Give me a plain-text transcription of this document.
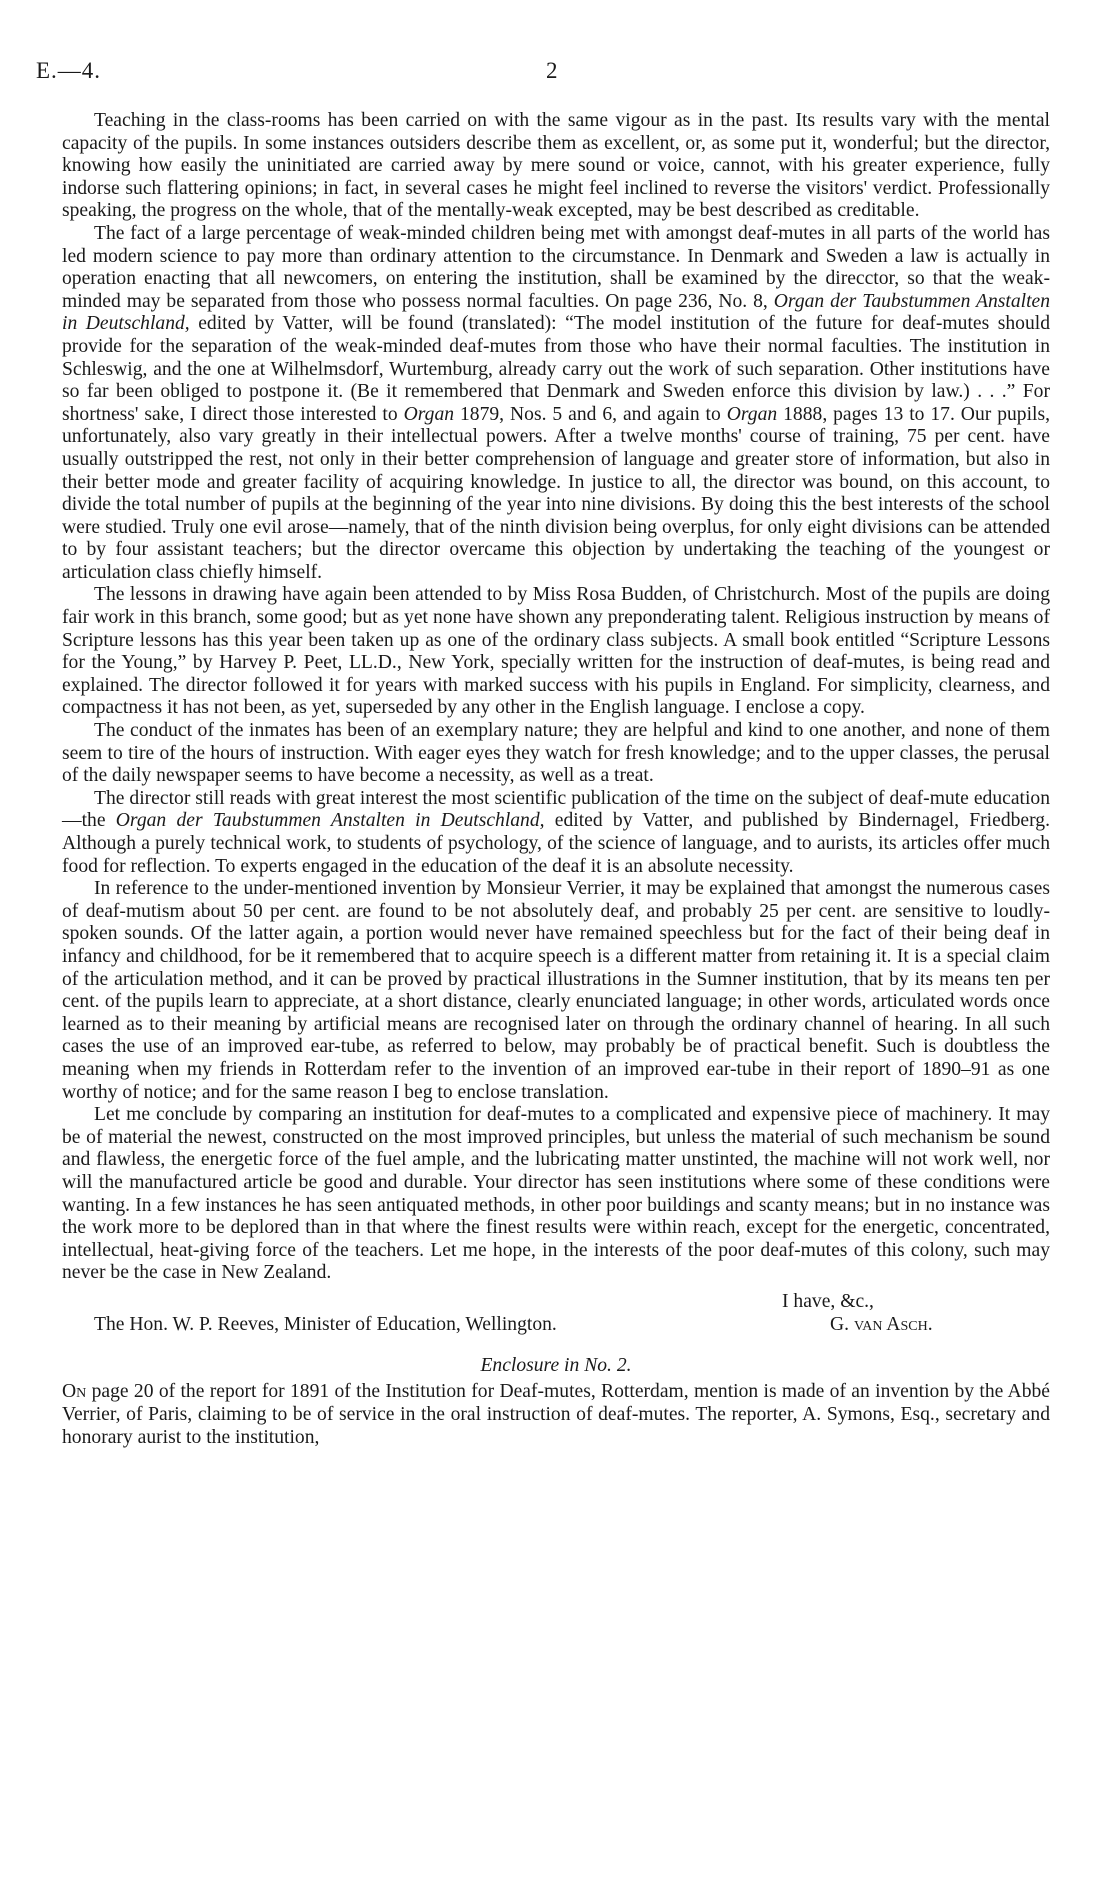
E.—4.	2

Teaching in the class-rooms has been carried on with the same vigour as in the past. Its results vary with the mental capacity of the pupils. In some instances outsiders describe them as excellent, or, as some put it, wonderful; but the director, knowing how easily the uninitiated are carried away by mere sound or voice, cannot, with his greater experience, fully indorse such flattering opinions; in fact, in several cases he might feel inclined to reverse the visitors' verdict. Professionally speaking, the progress on the whole, that of the mentally-weak excepted, may be best described as creditable.

The fact of a large percentage of weak-minded children being met with amongst deaf-mutes in all parts of the world has led modern science to pay more than ordinary attention to the circumstance. In Denmark and Sweden a law is actually in operation enacting that all newcomers, on entering the institution, shall be examined by the direcctor, so that the weak-minded may be separated from those who possess normal faculties. On page 236, No. 8, Organ der Taubstummen Anstalten in Deutschland, edited by Vatter, will be found (translated): “The model institution of the future for deaf-mutes should provide for the separation of the weak-minded deaf-mutes from those who have their normal faculties. The institution in Schleswig, and the one at Wilhelmsdorf, Wurtemburg, already carry out the work of such separation. Other institutions have so far been obliged to postpone it. (Be it remembered that Denmark and Sweden enforce this division by law.) . . .” For shortness' sake, I direct those interested to Organ 1879, Nos. 5 and 6, and again to Organ 1888, pages 13 to 17. Our pupils, unfortunately, also vary greatly in their intellectual powers. After a twelve months' course of training, 75 per cent. have usually outstripped the rest, not only in their better comprehension of language and greater store of information, but also in their better mode and greater facility of acquiring knowledge. In justice to all, the director was bound, on this account, to divide the total number of pupils at the beginning of the year into nine divisions. By doing this the best interests of the school were studied. Truly one evil arose—namely, that of the ninth division being overplus, for only eight divisions can be attended to by four assistant teachers; but the director overcame this objection by undertaking the teaching of the youngest or articulation class chiefly himself.

The lessons in drawing have again been attended to by Miss Rosa Budden, of Christchurch. Most of the pupils are doing fair work in this branch, some good; but as yet none have shown any preponderating talent. Religious instruction by means of Scripture lessons has this year been taken up as one of the ordinary class subjects. A small book entitled “Scripture Lessons for the Young,” by Harvey P. Peet, LL.D., New York, specially written for the instruction of deaf-mutes, is being read and explained. The director followed it for years with marked success with his pupils in England. For simplicity, clearness, and compactness it has not been, as yet, superseded by any other in the English language. I enclose a copy.

The conduct of the inmates has been of an exemplary nature; they are helpful and kind to one another, and none of them seem to tire of the hours of instruction. With eager eyes they watch for fresh knowledge; and to the upper classes, the perusal of the daily newspaper seems to have become a necessity, as well as a treat.

The director still reads with great interest the most scientific publication of the time on the subject of deaf-mute education—the Organ der Taubstummen Anstalten in Deutschland, edited by Vatter, and published by Bindernagel, Friedberg. Although a purely technical work, to students of psychology, of the science of language, and to aurists, its articles offer much food for reflection. To experts engaged in the education of the deaf it is an absolute necessity.

In reference to the under-mentioned invention by Monsieur Verrier, it may be explained that amongst the numerous cases of deaf-mutism about 50 per cent. are found to be not absolutely deaf, and probably 25 per cent. are sensitive to loudly-spoken sounds. Of the latter again, a portion would never have remained speechless but for the fact of their being deaf in infancy and childhood, for be it remembered that to acquire speech is a different matter from retaining it. It is a special claim of the articulation method, and it can be proved by practical illustrations in the Sumner institution, that by its means ten per cent. of the pupils learn to appreciate, at a short distance, clearly enunciated language; in other words, articulated words once learned as to their meaning by artificial means are recognised later on through the ordinary channel of hearing. In all such cases the use of an improved ear-tube, as referred to below, may probably be of practical benefit. Such is doubtless the meaning when my friends in Rotterdam refer to the invention of an improved ear-tube in their report of 1890–91 as one worthy of notice; and for the same reason I beg to enclose translation.

Let me conclude by comparing an institution for deaf-mutes to a complicated and expensive piece of machinery. It may be of material the newest, constructed on the most improved principles, but unless the material of such mechanism be sound and flawless, the energetic force of the fuel ample, and the lubricating matter unstinted, the machine will not work well, nor will the manufactured article be good and durable. Your director has seen institutions where some of these conditions were wanting. In a few instances he has seen antiquated methods, in other poor buildings and scanty means; but in no instance was the work more to be deplored than in that where the finest results were within reach, except for the energetic, concentrated, intellectual, heat-giving force of the teachers. Let me hope, in the interests of the poor deaf-mutes of this colony, such may never be the case in New Zealand.

I have, &c.,
The Hon. W. P. Reeves, Minister of Education, Wellington.	G. van Asch.
Enclosure in No. 2.

On page 20 of the report for 1891 of the Institution for Deaf-mutes, Rotterdam, mention is made of an invention by the Abbé Verrier, of Paris, claiming to be of service in the oral instruction of deaf-mutes. The reporter, A. Symons, Esq., secretary and honorary aurist to the institution,
